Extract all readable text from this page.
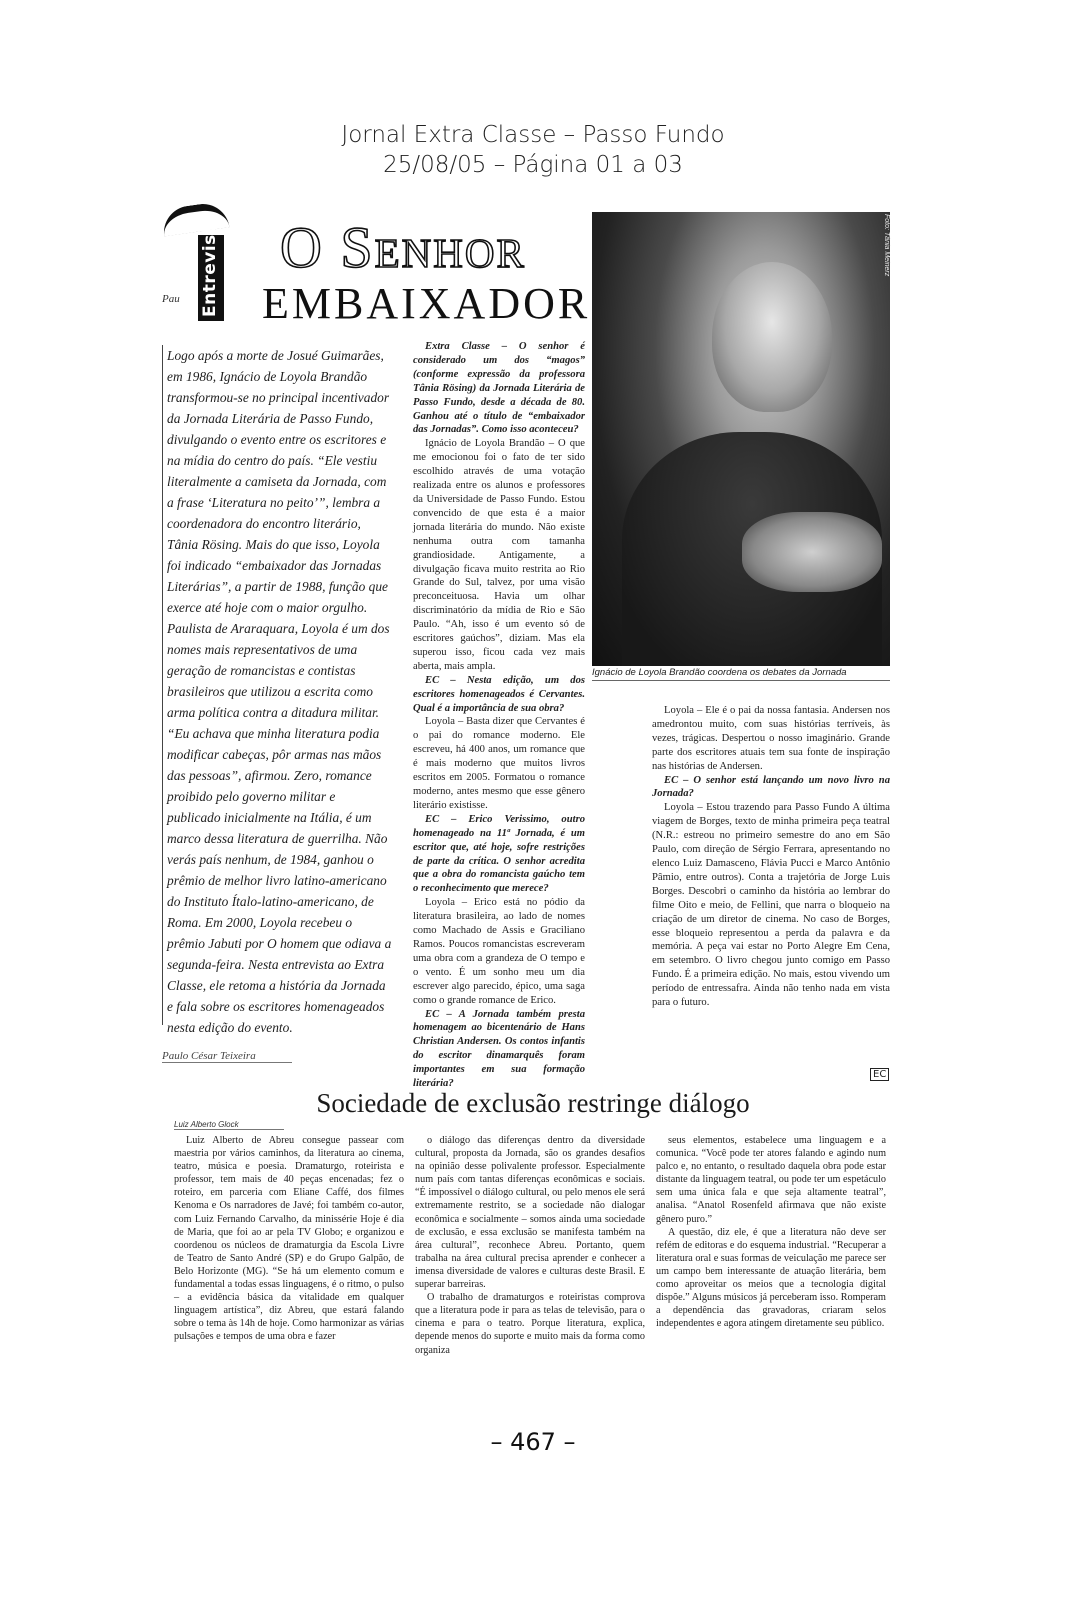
Jornal Extra Classe – Passo Fundo
25/08/05 – Página 01 a 03
Entrevista
Pau
O Senhor
EMBAIXADOR
Foto: Tânia Meinerz
Ignácio de Loyola Brandão coordena os debates da Jornada

Logo após a morte de Josué Guimarães, em 1986, Ignácio de Loyola Brandão transformou-se no principal incentivador da Jornada Literária de Passo Fundo, divulgando o evento entre os escritores e na mídia do centro do país. “Ele vestiu literalmente a camiseta da Jornada, com a frase ‘Literatura no peito’”, lembra a coordenadora do encontro literário, Tânia Rösing. Mais do que isso, Loyola foi indicado “embaixador das Jornadas Literárias”, a partir de 1988, função que exerce até hoje com o maior orgulho.

Paulista de Araraquara, Loyola é um dos nomes mais representativos de uma geração de romancistas e contistas brasileiros que utilizou a escrita como arma política contra a ditadura militar. “Eu achava que minha literatura podia modificar cabeças, pôr armas nas mãos das pessoas”, afirmou. Zero, romance proibido pelo governo militar e publicado inicialmente na Itália, é um marco dessa literatura de guerrilha. Não verás país nenhum, de 1984, ganhou o prêmio de melhor livro latino-americano do Instituto Ítalo-latino-americano, de Roma. Em 2000, Loyola recebeu o prêmio Jabuti por O homem que odiava a segunda-feira. Nesta entrevista ao Extra Classe, ele retoma a história da Jornada e fala sobre os escritores homenageados nesta edição do evento.

Paulo César Teixeira

Extra Classe – O senhor é considerado um dos “magos” (conforme expressão da professora Tânia Rösing) da Jornada Literária de Passo Fundo, desde a década de 80. Ganhou até o título de “embaixador das Jornadas”. Como isso aconteceu?

Ignácio de Loyola Brandão – O que me emocionou foi o fato de ter sido escolhido através de uma votação realizada entre os alunos e professores da Universidade de Passo Fundo. Estou convencido de que esta é a maior jornada literária do mundo. Não existe nenhuma outra com tamanha grandiosidade. Antigamente, a divulgação ficava muito restrita ao Rio Grande do Sul, talvez, por uma visão preconceituosa. Havia um olhar discriminatório da mídia de Rio e São Paulo. “Ah, isso é um evento só de escritores gaúchos”, diziam. Mas ela superou isso, ficou cada vez mais aberta, mais ampla.

EC – Nesta edição, um dos escritores homenageados é Cervantes. Qual é a importância de sua obra?

Loyola – Basta dizer que Cervantes é o pai do romance moderno. Ele escreveu, há 400 anos, um romance que é mais moderno que muitos livros escritos em 2005. Formatou o romance moderno, antes mesmo que esse gênero literário existisse.

EC – Erico Verissimo, outro homenageado na 11ª Jornada, é um escritor que, até hoje, sofre restrições de parte da crítica. O senhor acredita que a obra do romancista gaúcho tem o reconhecimento que merece?

Loyola – Erico está no pódio da literatura brasileira, ao lado de nomes como Machado de Assis e Graciliano Ramos. Poucos romancistas escreveram uma obra com a grandeza de O tempo e o vento. É um sonho meu um dia escrever algo parecido, épico, uma saga como o grande romance de Erico.

EC – A Jornada também presta homenagem ao bicentenário de Hans Christian Andersen. Os contos infantis do escritor dinamarquês foram importantes em sua formação literária?

Loyola – Ele é o pai da nossa fantasia. Andersen nos amedrontou muito, com suas histórias terríveis, às vezes, trágicas. Despertou o nosso imaginário. Grande parte dos escritores atuais tem sua fonte de inspiração nas histórias de Andersen.

EC – O senhor está lançando um novo livro na Jornada?

Loyola – Estou trazendo para Passo Fundo A última viagem de Borges, texto de minha primeira peça teatral (N.R.: estreou no primeiro semestre do ano em São Paulo, com direção de Sérgio Ferrara, apresentando no elenco Luiz Damasceno, Flávia Pucci e Marco Antônio Pâmio, entre outros). Conta a trajetória de Jorge Luis Borges. Descobri o caminho da história ao lembrar do filme Oito e meio, de Fellini, que narra o bloqueio na criação de um diretor de cinema. No caso de Borges, esse bloqueio representou a perda da palavra e da memória. A peça vai estar no Porto Alegre Em Cena, em setembro. O livro chegou junto comigo em Passo Fundo. É a primeira edição. No mais, estou vivendo um período de entressafra. Ainda não tenho nada em vista para o futuro.

EC
Sociedade de exclusão restringe diálogo
Luiz Alberto Glock

Luiz Alberto de Abreu consegue passear com maestria por vários caminhos, da literatura ao cinema, teatro, música e poesia. Dramaturgo, roteirista e professor, tem mais de 40 peças encenadas; fez o roteiro, em parceria com Eliane Caffé, dos filmes Kenoma e Os narradores de Javé; foi também co-autor, com Luiz Fernando Carvalho, da minissérie Hoje é dia de Maria, que foi ao ar pela TV Globo; e organizou e coordenou os núcleos de dramaturgia da Escola Livre de Teatro de Santo André (SP) e do Grupo Galpão, de Belo Horizonte (MG). “Se há um elemento comum e fundamental a todas essas linguagens, é o ritmo, o pulso – a evidência básica da vitalidade em qualquer linguagem artística”, diz Abreu, que estará falando sobre o tema às 14h de hoje. Como harmonizar as várias pulsações e tempos de uma obra e fazer

o diálogo das diferenças dentro da diversidade cultural, proposta da Jornada, são os grandes desafios na opinião desse polivalente professor. Especialmente num país com tantas diferenças econômicas e sociais. “É impossível o diálogo cultural, ou pelo menos ele será extremamente restrito, se a sociedade não dialogar econômica e socialmente – somos ainda uma sociedade de exclusão, e essa exclusão se manifesta também na área cultural”, reconhece Abreu. Portanto, quem trabalha na área cultural precisa aprender e conhecer a imensa diversidade de valores e culturas deste Brasil. E superar barreiras.

O trabalho de dramaturgos e roteiristas comprova que a literatura pode ir para as telas de televisão, para o cinema e para o teatro. Porque literatura, explica, depende menos do suporte e muito mais da forma como organiza

seus elementos, estabelece uma linguagem e a comunica. “Você pode ter atores falando e agindo num palco e, no entanto, o resultado daquela obra pode estar distante da linguagem teatral, ou pode ter um espetáculo sem uma única fala e que seja altamente teatral”, analisa. “Anatol Rosenfeld afirmava que não existe gênero puro.”

A questão, diz ele, é que a literatura não deve ser refém de editoras e do esquema industrial. “Recuperar a literatura oral e suas formas de veiculação me parece ser um campo bem interessante de atuação literária, bem como aproveitar os meios que a tecnologia digital dispõe.” Alguns músicos já perceberam isso. Romperam a dependência das gravadoras, criaram selos independentes e agora atingem diretamente seu público.

– 467 –
